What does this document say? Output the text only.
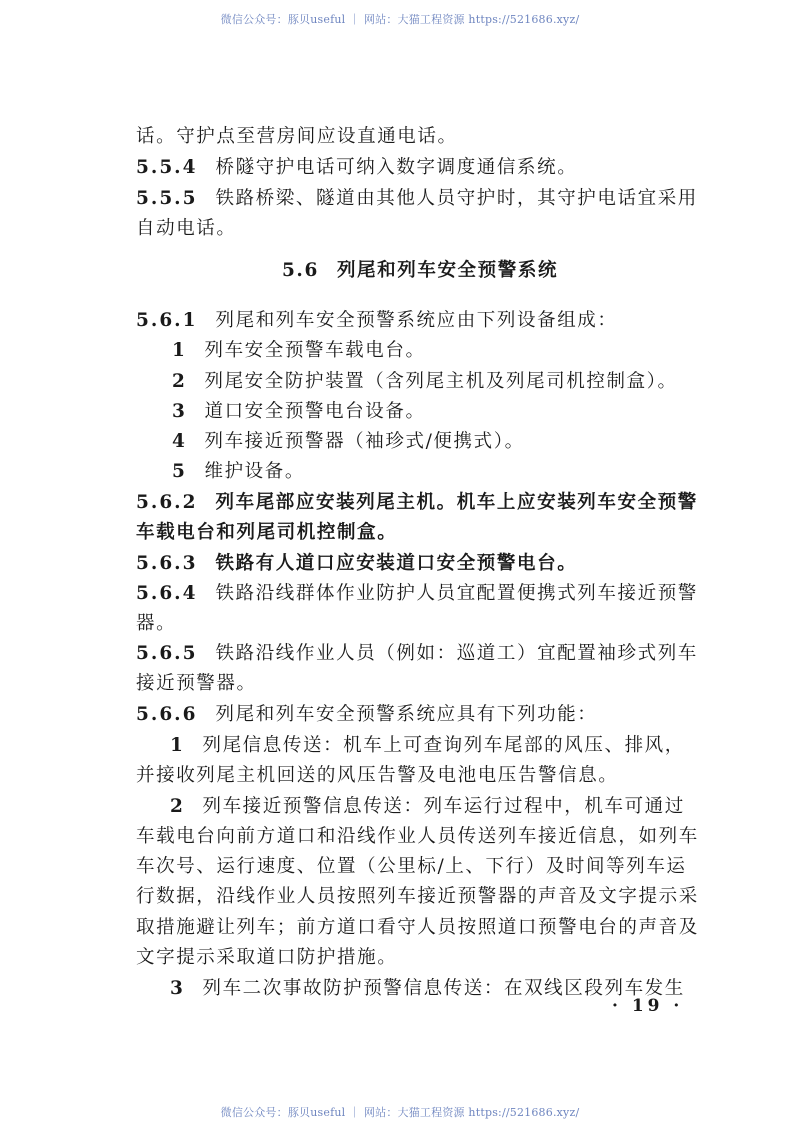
微信公众号：豚贝useful ｜ 网站：大猫工程资源 https://521686.xyz/
话。守护点至营房间应设直通电话。
5.5.4 桥隧守护电话可纳入数字调度通信系统。
5.5.5 铁路桥梁、隧道由其他人员守护时，其守护电话宜采用
自动电话。
5.6 列尾和列车安全预警系统
5.6.1 列尾和列车安全预警系统应由下列设备组成：
1 列车安全预警车载电台。
2 列尾安全防护装置（含列尾主机及列尾司机控制盒）。
3 道口安全预警电台设备。
4 列车接近预警器（袖珍式/便携式）。
5 维护设备。
5.6.2 列车尾部应安装列尾主机。机车上应安装列车安全预警
车载电台和列尾司机控制盒。
5.6.3 铁路有人道口应安装道口安全预警电台。
5.6.4 铁路沿线群体作业防护人员宜配置便携式列车接近预警
器。
5.6.5 铁路沿线作业人员（例如：巡道工）宜配置袖珍式列车
接近预警器。
5.6.6 列尾和列车安全预警系统应具有下列功能：
1 列尾信息传送：机车上可查询列车尾部的风压、排风，
并接收列尾主机回送的风压告警及电池电压告警信息。
2 列车接近预警信息传送：列车运行过程中，机车可通过
车载电台向前方道口和沿线作业人员传送列车接近信息，如列车
车次号、运行速度、位置（公里标/上、下行）及时间等列车运
行数据，沿线作业人员按照列车接近预警器的声音及文字提示采
取措施避让列车；前方道口看守人员按照道口预警电台的声音及
文字提示采取道口防护措施。
3 列车二次事故防护预警信息传送：在双线区段列车发生
· 19 ·
微信公众号：豚贝useful ｜ 网站：大猫工程资源 https://521686.xyz/
